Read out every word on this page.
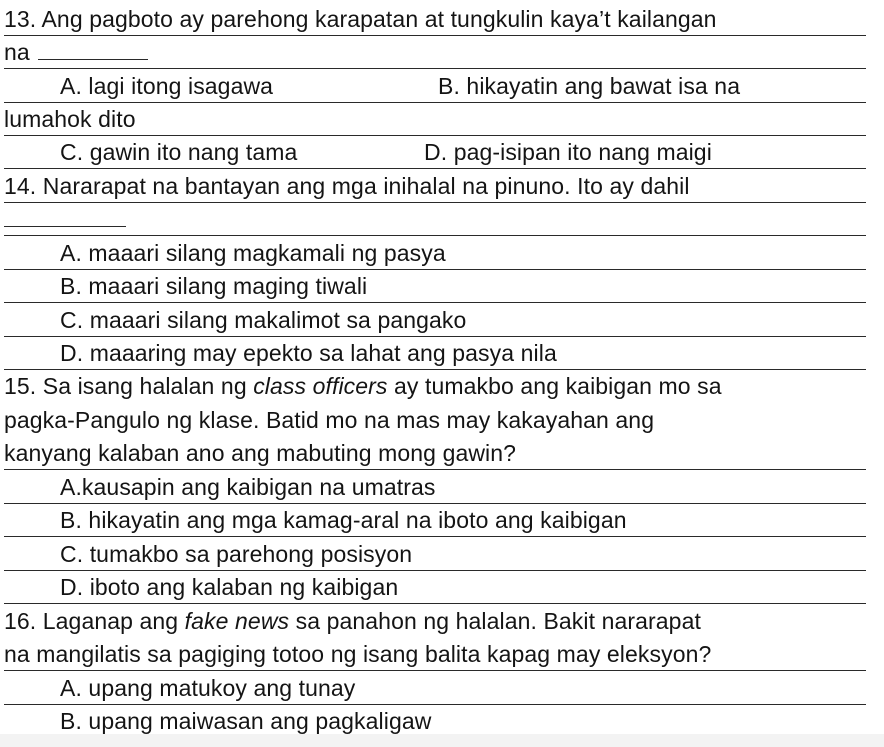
13. Ang pagboto ay parehong karapatan at tungkulin kaya’t kailangan
na
A. lagi itong isagawa	B. hikayatin ang bawat isa na
lumahok dito
C. gawin ito nang tama	D. pag-isipan ito nang maigi
14. Nararapat na bantayan ang mga inihalal na pinuno. Ito ay dahil
A. maaari silang magkamali ng pasya
B. maaari silang maging tiwali
C. maaari silang makalimot sa pangako
D. maaaring may epekto sa lahat ang pasya nila
15. Sa isang halalan ng class officers ay tumakbo ang kaibigan mo sa
pagka-Pangulo ng klase. Batid mo na mas may kakayahan ang
kanyang kalaban ano ang mabuting mong gawin?
A.kausapin ang kaibigan na umatras
B. hikayatin ang mga kamag-aral na iboto ang kaibigan
C. tumakbo sa parehong posisyon
D. iboto ang kalaban ng kaibigan
16. Laganap ang fake news sa panahon ng halalan. Bakit nararapat
na mangilatis sa pagiging totoo ng isang balita kapag may eleksyon?
A. upang matukoy ang tunay
B. upang maiwasan ang pagkaligaw
